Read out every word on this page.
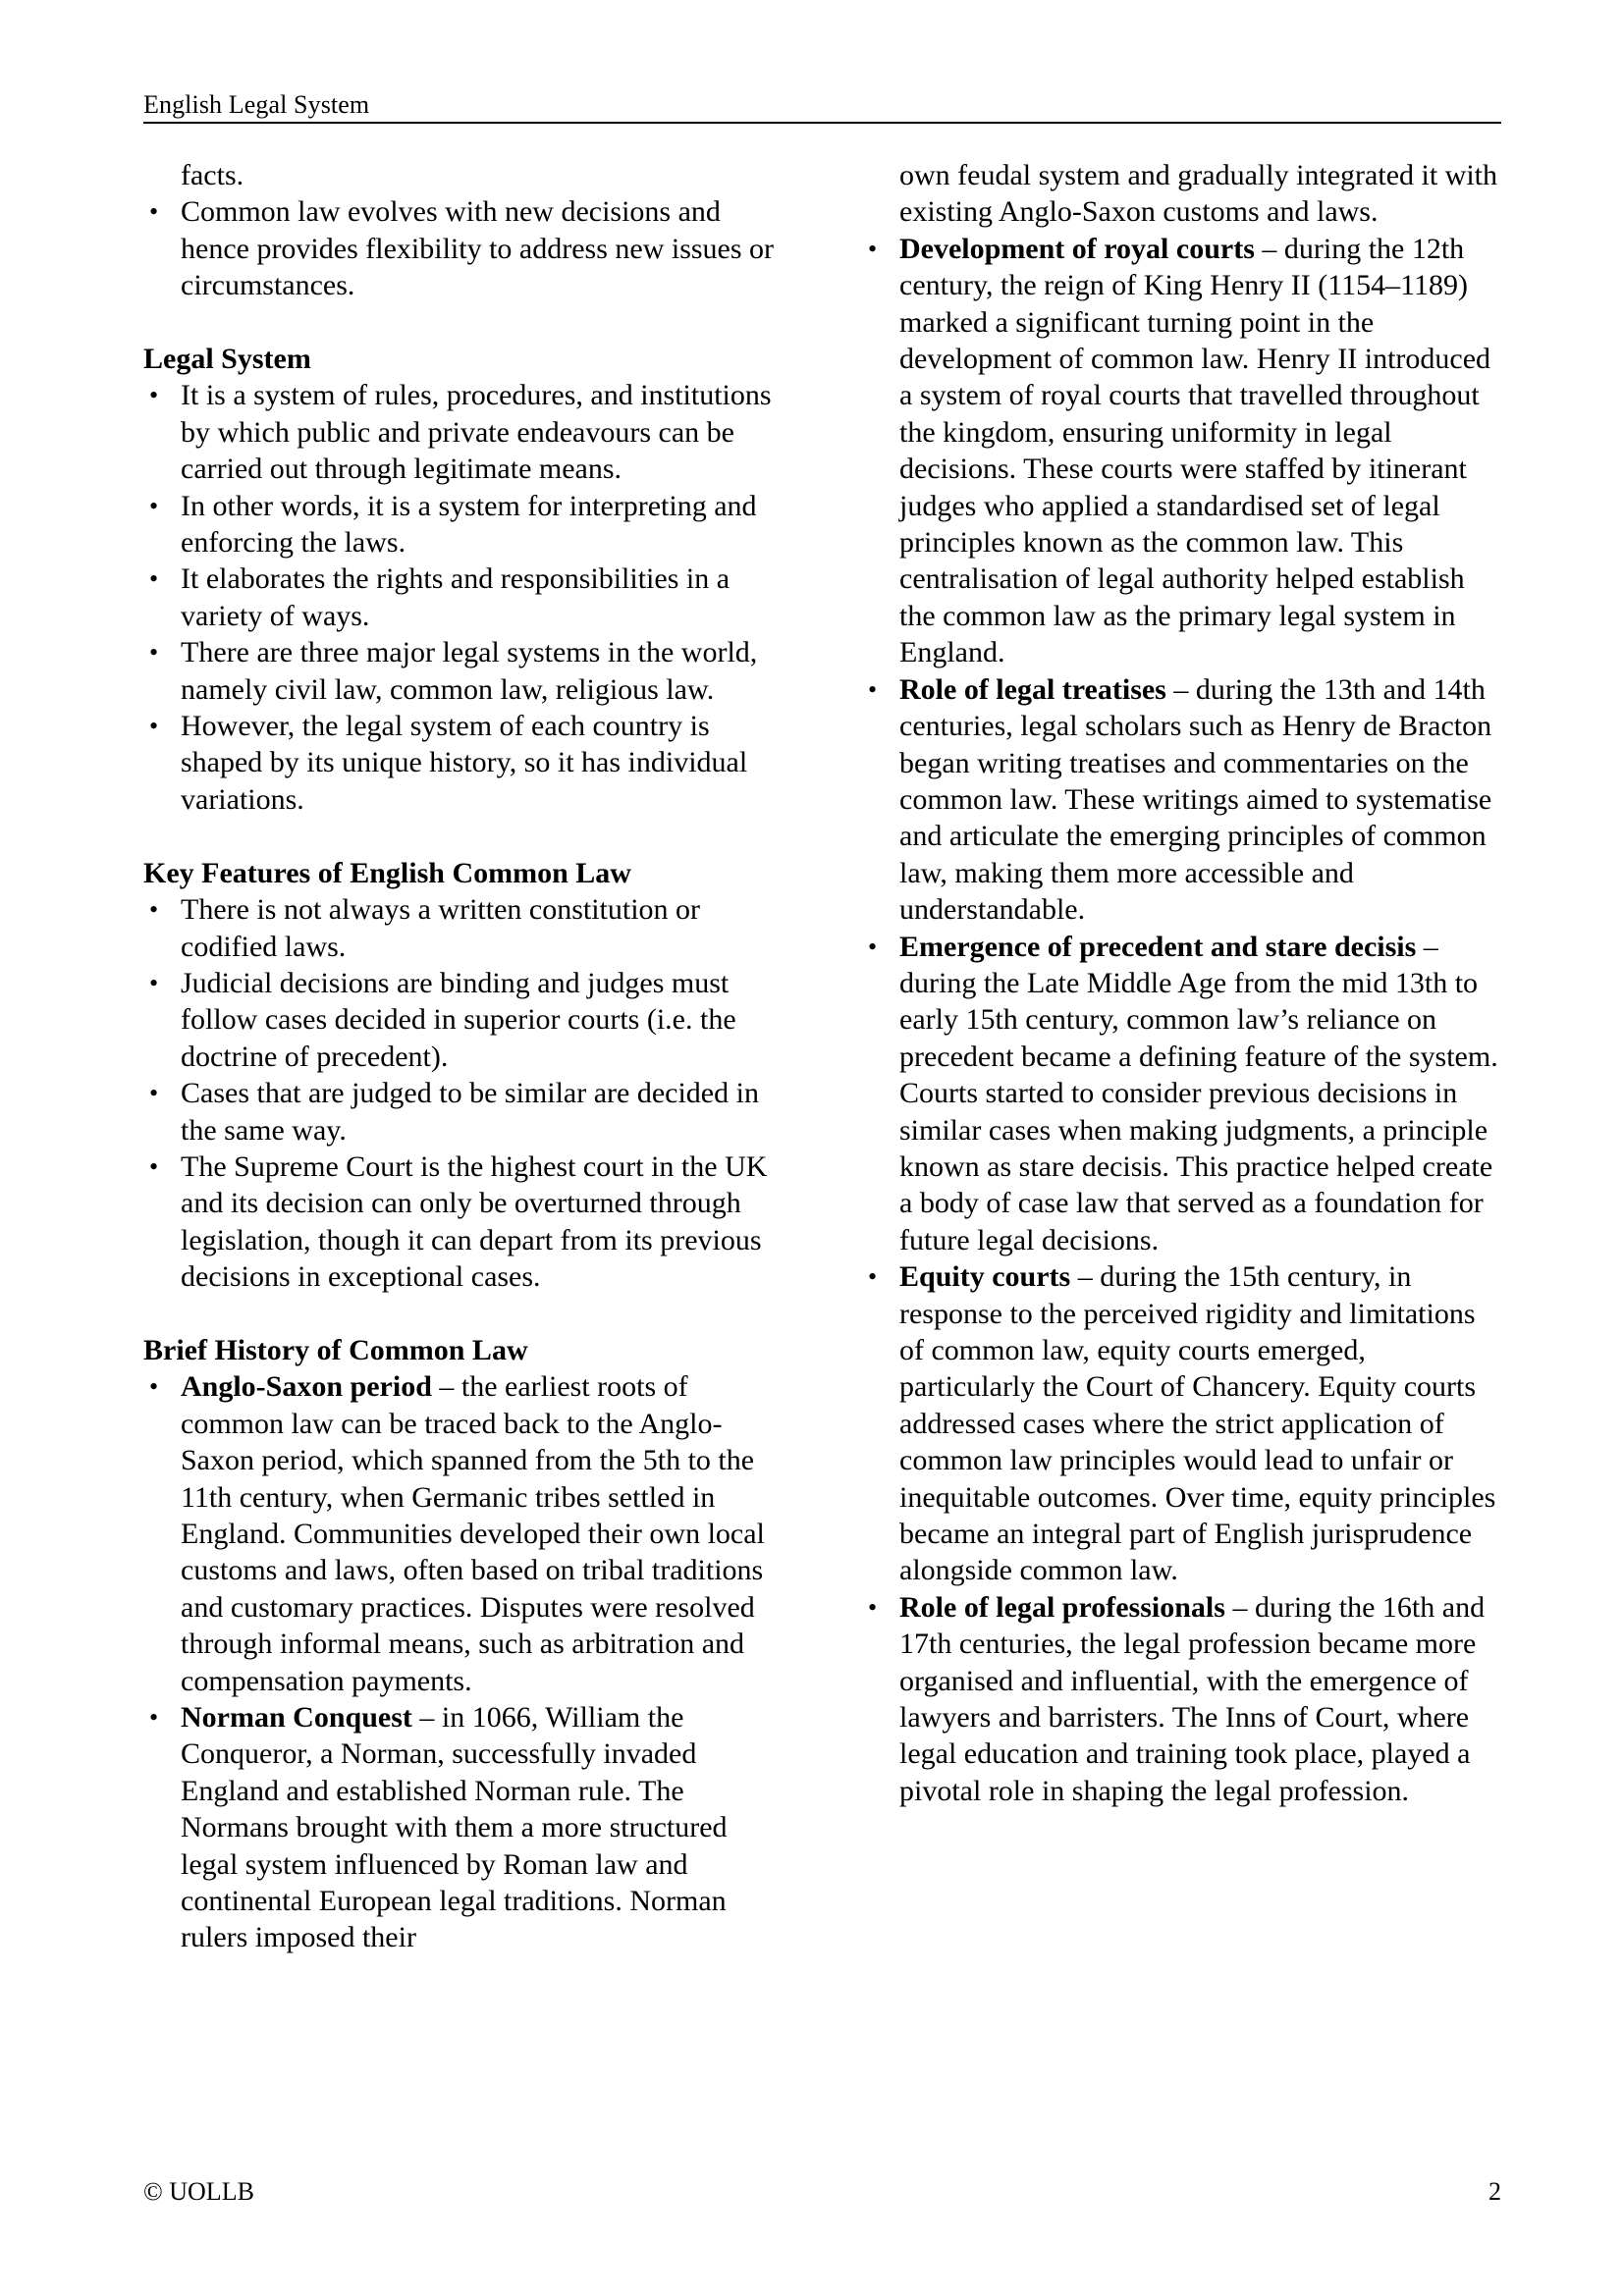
English Legal System
facts.
• Common law evolves with new decisions and hence provides flexibility to address new issues or circumstances.
Legal System
• It is a system of rules, procedures, and institutions by which public and private endeavours can be carried out through legitimate means.
• In other words, it is a system for interpreting and enforcing the laws.
• It elaborates the rights and responsibilities in a variety of ways.
• There are three major legal systems in the world, namely civil law, common law, religious law.
• However, the legal system of each country is shaped by its unique history, so it has individual variations.
Key Features of English Common Law
• There is not always a written constitution or codified laws.
• Judicial decisions are binding and judges must follow cases decided in superior courts (i.e. the doctrine of precedent).
• Cases that are judged to be similar are decided in the same way.
• The Supreme Court is the highest court in the UK and its decision can only be overturned through legislation, though it can depart from its previous decisions in exceptional cases.
Brief History of Common Law
• Anglo-Saxon period – the earliest roots of common law can be traced back to the Anglo-Saxon period, which spanned from the 5th to the 11th century, when Germanic tribes settled in England. Communities developed their own local customs and laws, often based on tribal traditions and customary practices. Disputes were resolved through informal means, such as arbitration and compensation payments.
• Norman Conquest – in 1066, William the Conqueror, a Norman, successfully invaded England and established Norman rule. The Normans brought with them a more structured legal system influenced by Roman law and continental European legal traditions. Norman rulers imposed their
own feudal system and gradually integrated it with existing Anglo-Saxon customs and laws.
• Development of royal courts – during the 12th century, the reign of King Henry II (1154–1189) marked a significant turning point in the development of common law. Henry II introduced a system of royal courts that travelled throughout the kingdom, ensuring uniformity in legal decisions. These courts were staffed by itinerant judges who applied a standardised set of legal principles known as the common law. This centralisation of legal authority helped establish the common law as the primary legal system in England.
• Role of legal treatises – during the 13th and 14th centuries, legal scholars such as Henry de Bracton began writing treatises and commentaries on the common law. These writings aimed to systematise and articulate the emerging principles of common law, making them more accessible and understandable.
• Emergence of precedent and stare decisis – during the Late Middle Age from the mid 13th to early 15th century, common law’s reliance on precedent became a defining feature of the system. Courts started to consider previous decisions in similar cases when making judgments, a principle known as stare decisis. This practice helped create a body of case law that served as a foundation for future legal decisions.
• Equity courts – during the 15th century, in response to the perceived rigidity and limitations of common law, equity courts emerged, particularly the Court of Chancery. Equity courts addressed cases where the strict application of common law principles would lead to unfair or inequitable outcomes. Over time, equity principles became an integral part of English jurisprudence alongside common law.
• Role of legal professionals – during the 16th and 17th centuries, the legal profession became more organised and influential, with the emergence of lawyers and barristers. The Inns of Court, where legal education and training took place, played a pivotal role in shaping the legal profession.
© UOLLB	2
